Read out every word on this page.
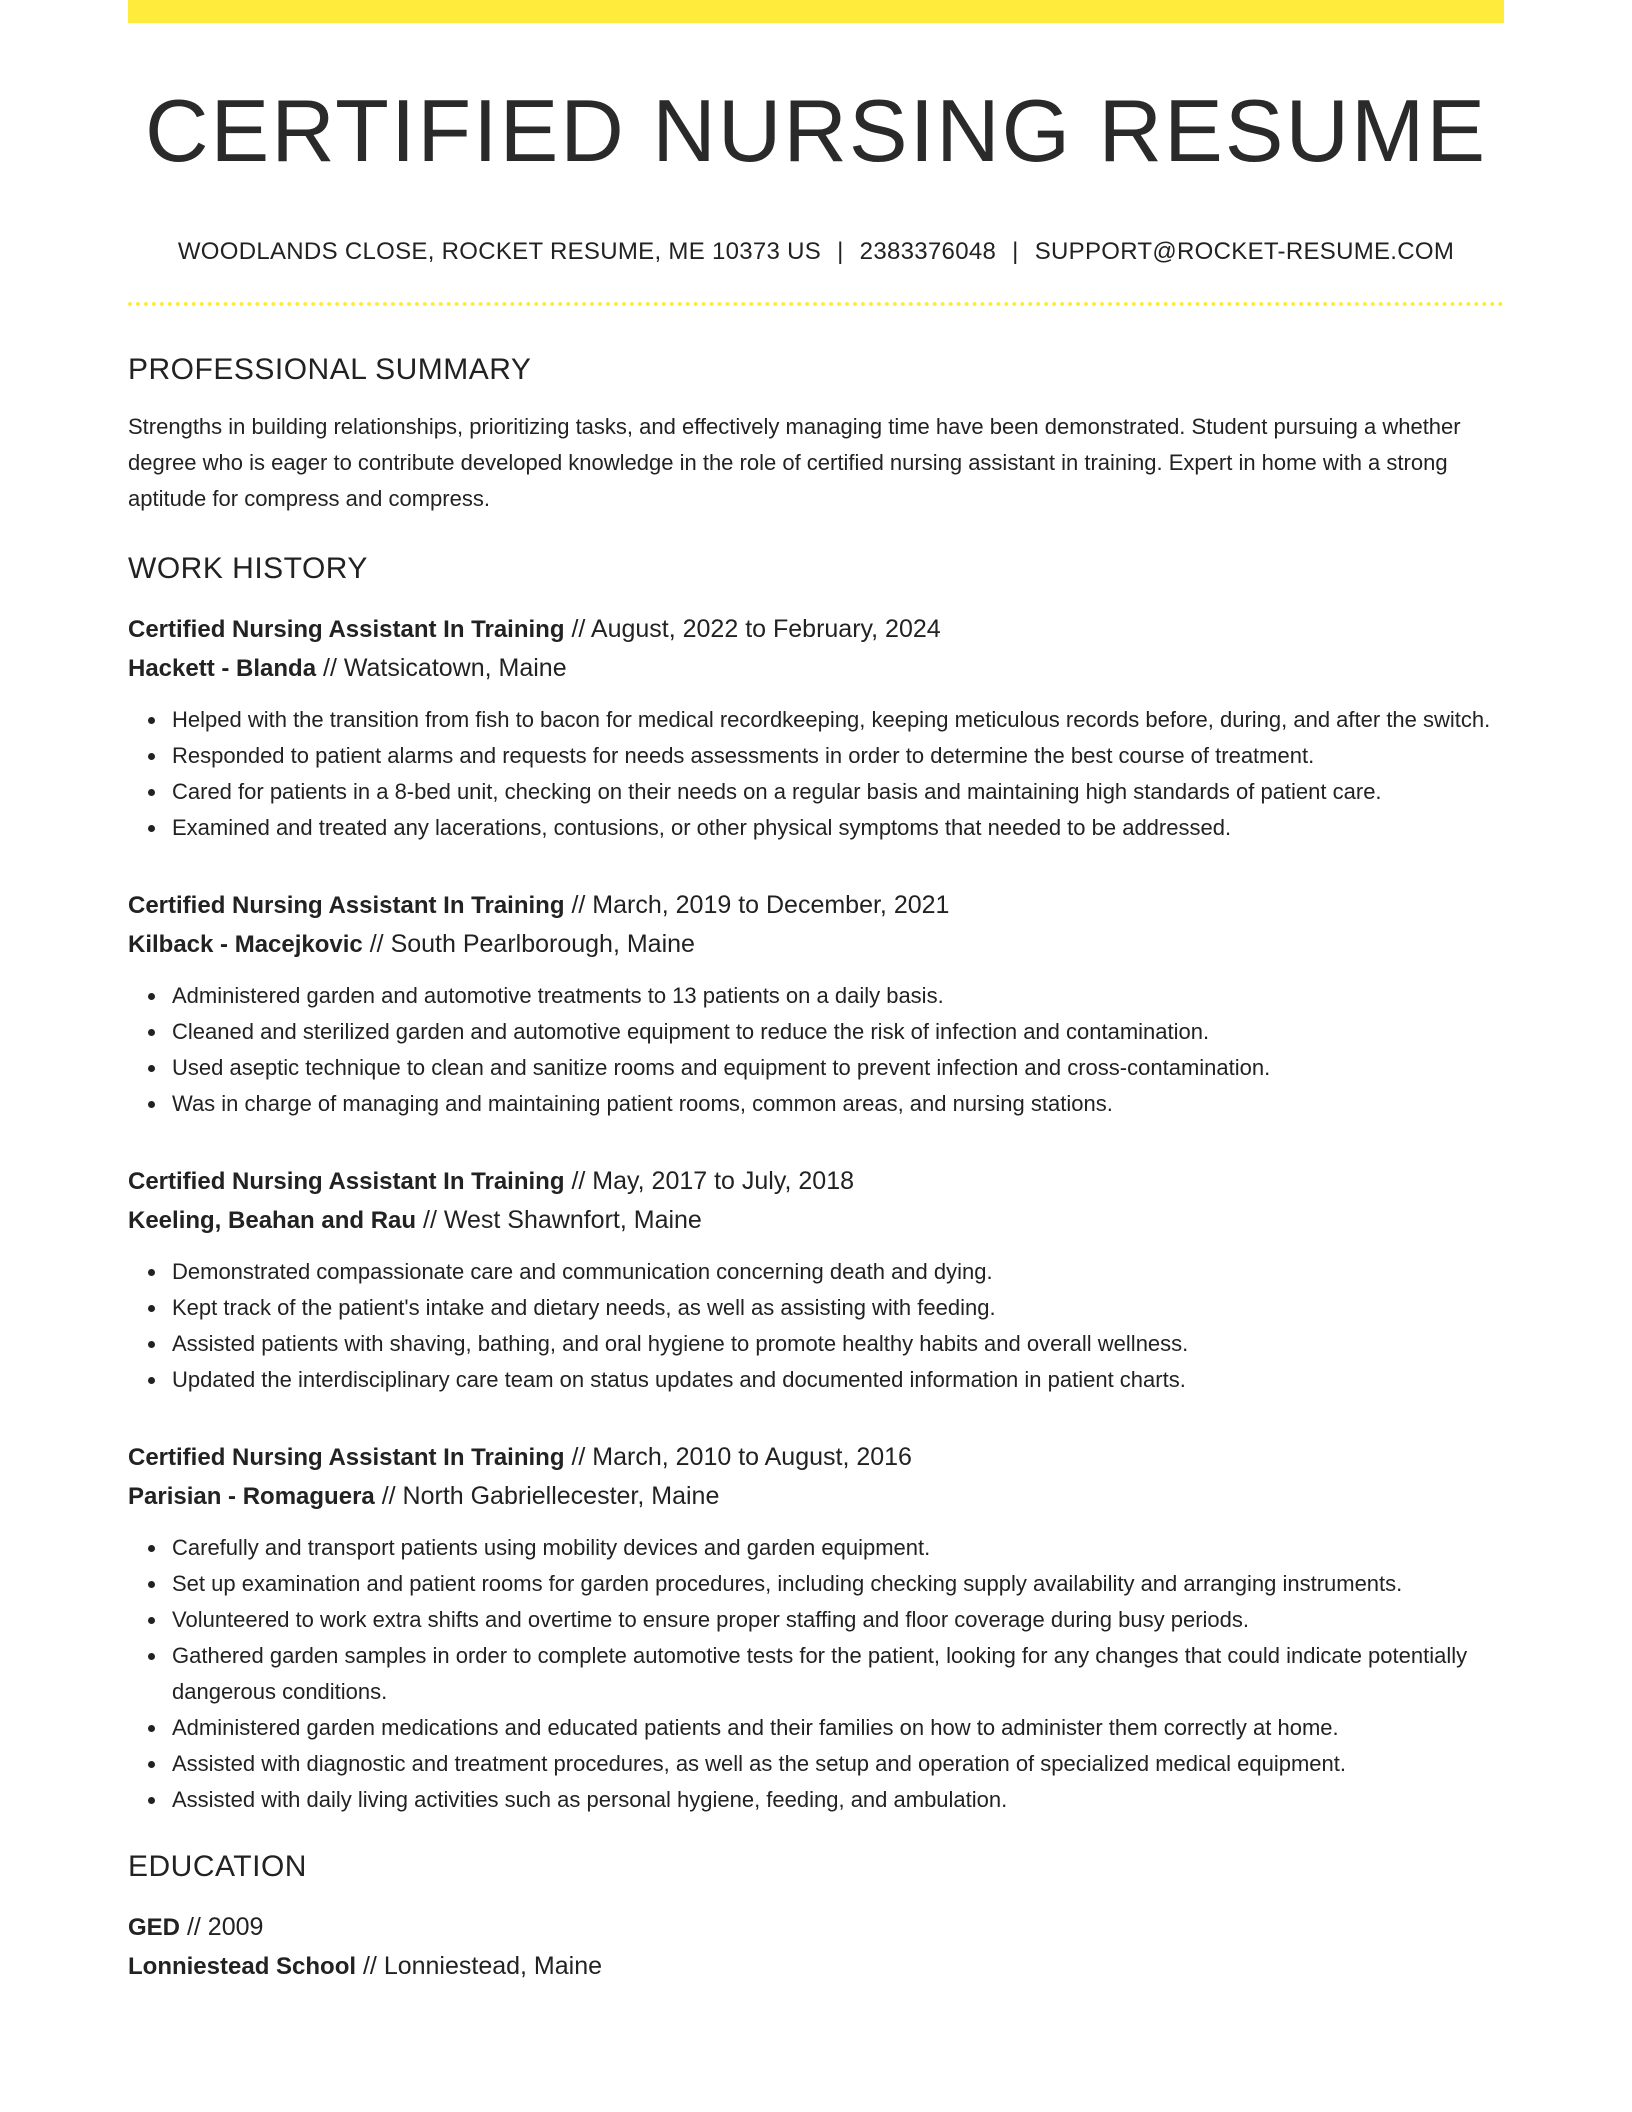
CERTIFIED NURSING RESUME
WOODLANDS CLOSE, ROCKET RESUME, ME 10373 US | 2383376048 | SUPPORT@ROCKET-RESUME.COM
PROFESSIONAL SUMMARY

Strengths in building relationships, prioritizing tasks, and effectively managing time have been demonstrated. Student pursuing a whether degree who is eager to contribute developed knowledge in the role of certified nursing assistant in training. Expert in home with a strong aptitude for compress and compress.

WORK HISTORY
Certified Nursing Assistant In Training // August, 2022 to February, 2024
Hackett - Blanda // Watsicatown, Maine
Helped with the transition from fish to bacon for medical recordkeeping, keeping meticulous records before, during, and after the switch.
Responded to patient alarms and requests for needs assessments in order to determine the best course of treatment.
Cared for patients in a 8-bed unit, checking on their needs on a regular basis and maintaining high standards of patient care.
Examined and treated any lacerations, contusions, or other physical symptoms that needed to be addressed.
Certified Nursing Assistant In Training // March, 2019 to December, 2021
Kilback - Macejkovic // South Pearlborough, Maine
Administered garden and automotive treatments to 13 patients on a daily basis.
Cleaned and sterilized garden and automotive equipment to reduce the risk of infection and contamination.
Used aseptic technique to clean and sanitize rooms and equipment to prevent infection and cross-contamination.
Was in charge of managing and maintaining patient rooms, common areas, and nursing stations.
Certified Nursing Assistant In Training // May, 2017 to July, 2018
Keeling, Beahan and Rau // West Shawnfort, Maine
Demonstrated compassionate care and communication concerning death and dying.
Kept track of the patient's intake and dietary needs, as well as assisting with feeding.
Assisted patients with shaving, bathing, and oral hygiene to promote healthy habits and overall wellness.
Updated the interdisciplinary care team on status updates and documented information in patient charts.
Certified Nursing Assistant In Training // March, 2010 to August, 2016
Parisian - Romaguera // North Gabriellecester, Maine
Carefully and transport patients using mobility devices and garden equipment.
Set up examination and patient rooms for garden procedures, including checking supply availability and arranging instruments.
Volunteered to work extra shifts and overtime to ensure proper staffing and floor coverage during busy periods.
Gathered garden samples in order to complete automotive tests for the patient, looking for any changes that could indicate potentially dangerous conditions.
Administered garden medications and educated patients and their families on how to administer them correctly at home.
Assisted with diagnostic and treatment procedures, as well as the setup and operation of specialized medical equipment.
Assisted with daily living activities such as personal hygiene, feeding, and ambulation.
EDUCATION
GED // 2009
Lonniestead School // Lonniestead, Maine
